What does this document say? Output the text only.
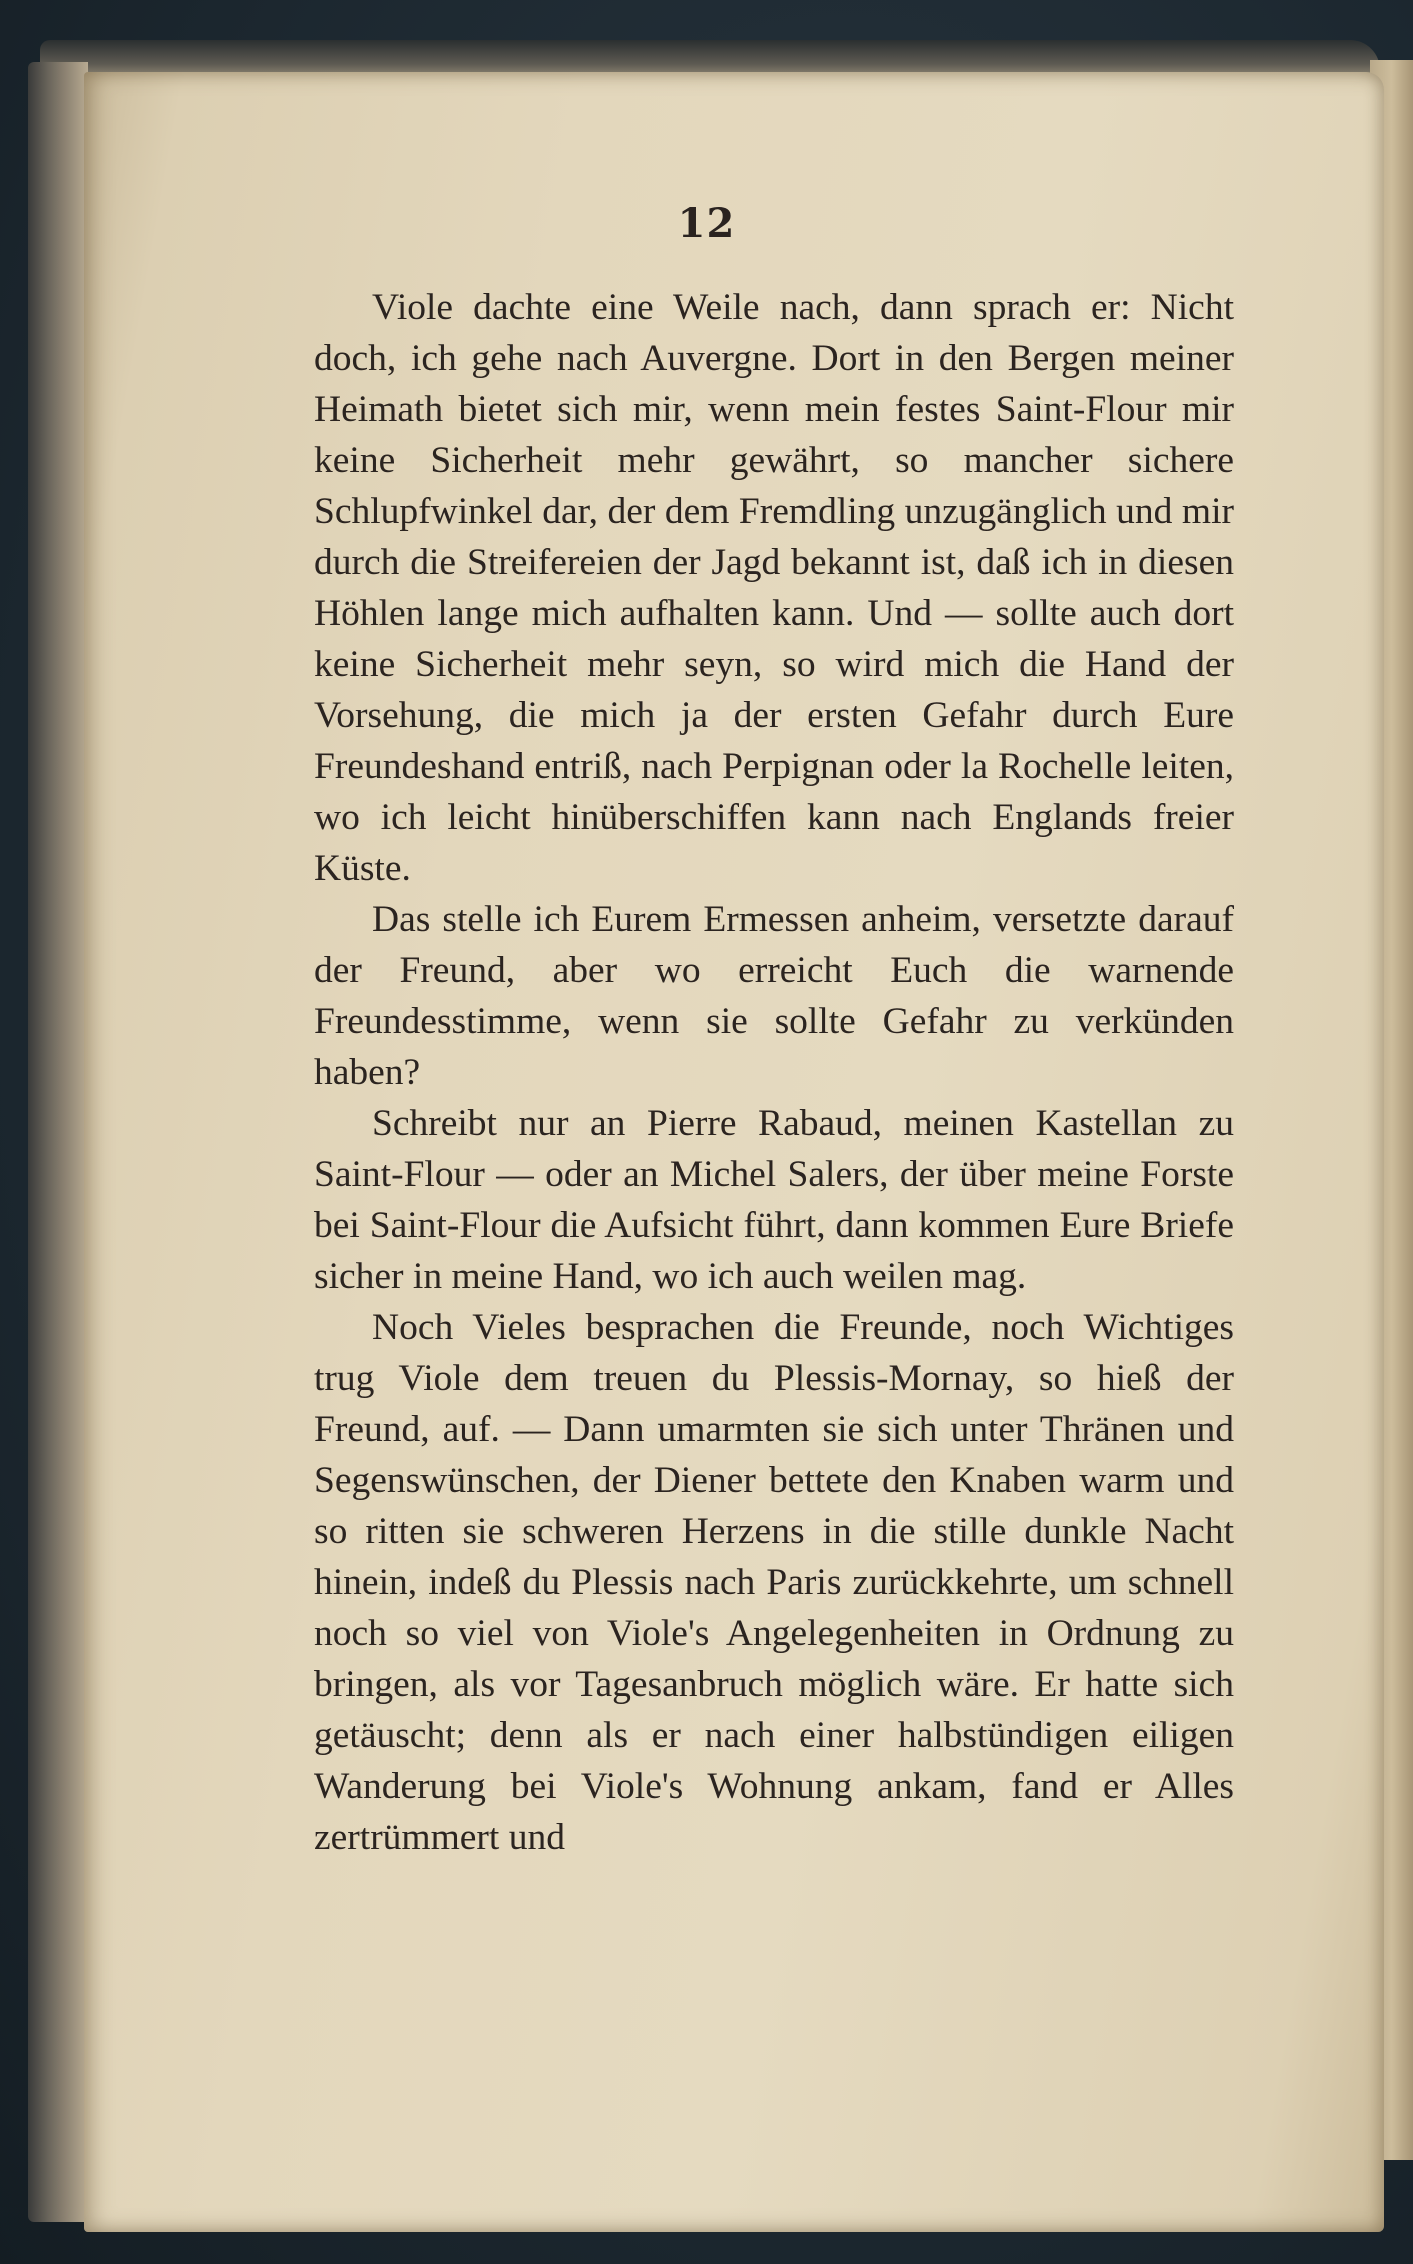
12

Viole dachte eine Weile nach, dann sprach er: Nicht doch, ich gehe nach Auvergne. Dort in den Bergen meiner Heimath bietet sich mir, wenn mein festes Saint-Flour mir keine Sicherheit mehr gewährt, so mancher sichere Schlupfwinkel dar, der dem Fremdling unzugänglich und mir durch die Streifereien der Jagd bekannt ist, daß ich in diesen Höhlen lange mich aufhalten kann. Und — sollte auch dort keine Sicherheit mehr seyn, so wird mich die Hand der Vorsehung, die mich ja der ersten Gefahr durch Eure Freundeshand entriß, nach Perpignan oder la Rochelle leiten, wo ich leicht hinüberschiffen kann nach Englands freier Küste.

Das stelle ich Eurem Ermessen anheim, versetzte darauf der Freund, aber wo erreicht Euch die warnende Freundesstimme, wenn sie sollte Gefahr zu verkünden haben?

Schreibt nur an Pierre Rabaud, meinen Kastellan zu Saint-Flour — oder an Michel Salers, der über meine Forste bei Saint-Flour die Aufsicht führt, dann kommen Eure Briefe sicher in meine Hand, wo ich auch weilen mag.

Noch Vieles besprachen die Freunde, noch Wichtiges trug Viole dem treuen du Plessis-Mornay, so hieß der Freund, auf. — Dann umarmten sie sich unter Thränen und Segenswünschen, der Diener bettete den Knaben warm und so ritten sie schweren Herzens in die stille dunkle Nacht hinein, indeß du Plessis nach Paris zurückkehrte, um schnell noch so viel von Viole's Angelegenheiten in Ordnung zu bringen, als vor Tagesanbruch möglich wäre. Er hatte sich getäuscht; denn als er nach einer halbstündigen eiligen Wanderung bei Viole's Wohnung ankam, fand er Alles zertrümmert und
